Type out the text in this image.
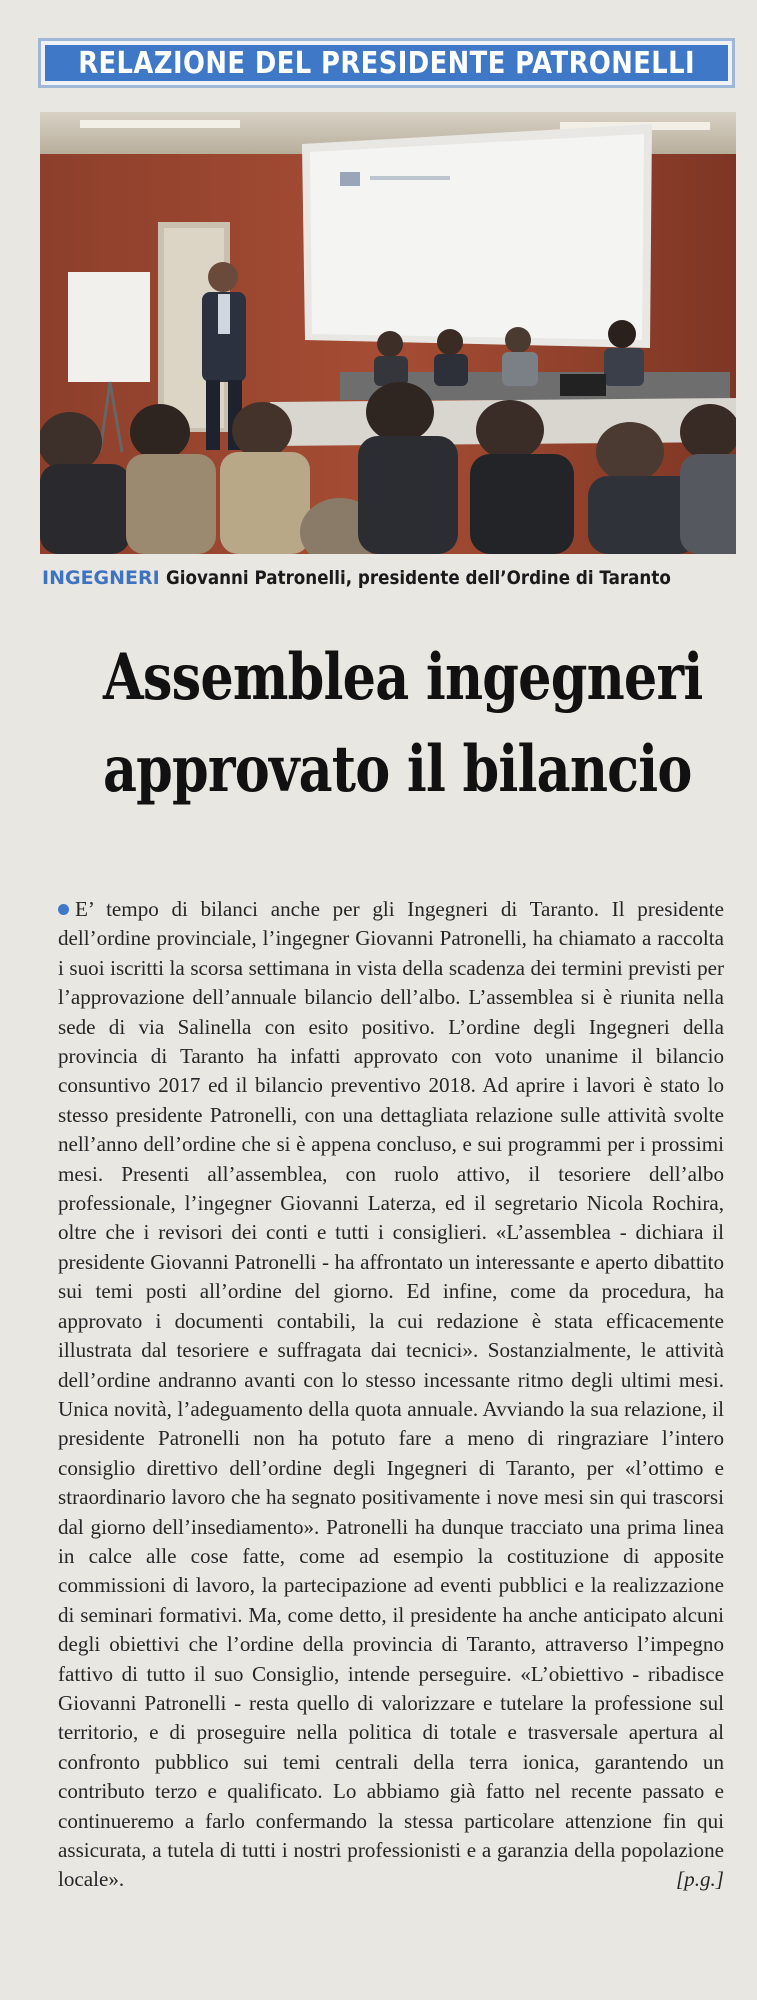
RELAZIONE DEL PRESIDENTE PATRONELLI
INGEGNERI Giovanni Patronelli, presidente dell’Ordine di Taranto
Assemblea ingegneri
approvato il bilancio
E’ tempo di bilanci anche per gli Ingegneri di Taranto. Il presidente dell’ordine provinciale, l’ingegner Giovanni Patronelli, ha chiamato a raccolta i suoi iscritti la scorsa settimana in vista della scadenza dei termini previsti per l’approvazione dell’annuale bilancio dell’albo. L’assemblea si è riunita nella sede di via Salinella con esito positivo. L’ordine degli Ingegneri della provincia di Taranto ha infatti approvato con voto unanime il bilancio consuntivo 2017 ed il bilancio preventivo 2018. Ad aprire i lavori è stato lo stesso presidente Patronelli, con una dettagliata relazione sulle attività svolte nell’anno dell’ordine che si è appena concluso, e sui programmi per i prossimi mesi. Presenti all’assemblea, con ruolo attivo, il tesoriere dell’albo professionale, l’ingegner Giovanni Laterza, ed il segretario Nicola Rochira, oltre che i revisori dei conti e tutti i consiglieri. «L’assemblea - dichiara il presidente Giovanni Patronelli - ha affrontato un interessante e aperto dibattito sui temi posti all’ordine del giorno. Ed infine, come da procedura, ha approvato i documenti contabili, la cui redazione è stata efficacemente illustrata dal tesoriere e suffragata dai tecnici». Sostanzialmente, le attività dell’ordine andranno avanti con lo stesso incessante ritmo degli ultimi mesi. Unica novità, l’adeguamento della quota annuale. Avviando la sua relazione, il presidente Patronelli non ha potuto fare a meno di ringraziare l’intero consiglio direttivo dell’ordine degli Ingegneri di Taranto, per «l’ottimo e straordinario lavoro che ha segnato positivamente i nove mesi sin qui trascorsi dal giorno dell’insediamento». Patronelli ha dunque tracciato una prima linea in calce alle cose fatte, come ad esempio la costituzione di apposite commissioni di lavoro, la partecipazione ad eventi pubblici e la realizzazione di seminari formativi. Ma, come detto, il presidente ha anche anticipato alcuni degli obiettivi che l’ordine della provincia di Taranto, attraverso l’impegno fattivo di tutto il suo Consiglio, intende perseguire. «L’obiettivo - ribadisce Giovanni Patronelli - resta quello di valorizzare e tutelare la professione sul territorio, e di proseguire nella politica di totale e trasversale apertura al confronto pubblico sui temi centrali della terra ionica, garantendo un contributo terzo e qualificato. Lo abbiamo già fatto nel recente passato e continueremo a farlo confermando la stessa particolare attenzione fin qui assicurata, a tutela di tutti i nostri professionisti e a garanzia della popolazione locale».	[p.g.]
